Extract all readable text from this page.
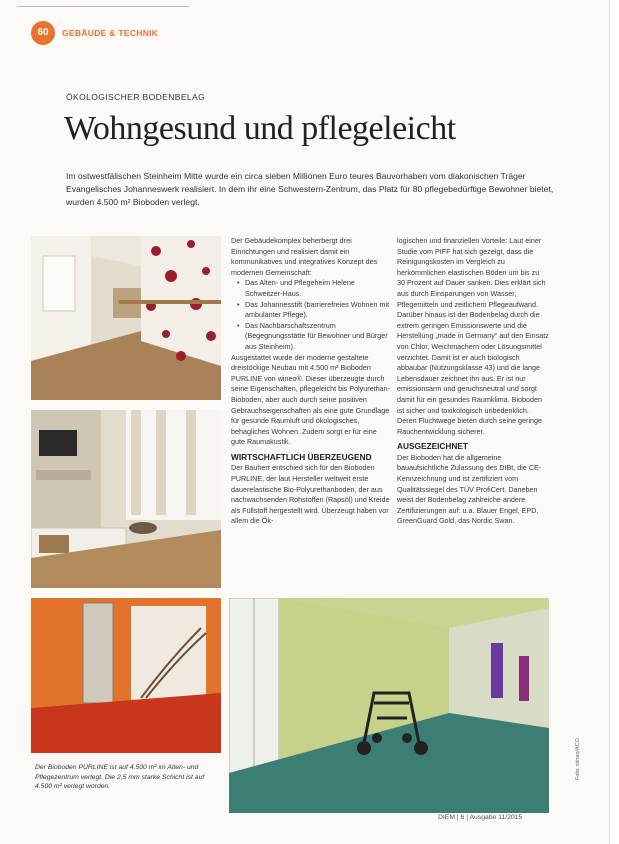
60	GEBÄUDE & TECHNIK
ÖKOLOGISCHER BODENBELAG
Wohngesund und pflegeleicht
Im ostwestfälischen Steinheim Mitte wurde ein circa sieben Millionen Euro teures Bauvorhaben vom diakonischen Träger Evangelisches Johanneswerk realisiert. In dem ihr eine Schwestern-Zentrum, das Platz für 80 pflegebedürftige Bewohner bietet, wurden 4.500 m² Bioboden verlegt.

Der Gebäudekomplex beherbergt drei Einrichtungen und realisiert damit ein kommunikatives und integratives Konzept des modernen Gemeinschaft:

• Das Alten- und Pflegeheim Helene Schweitzer-Haus.
• Das Johannesstift (barrierefreies Wohnen mit ambulanter Pflege).
• Das Nachbarschaftszentrum (Begegnungsstätte für Bewohner und Bürger aus Steinheim).

Ausgestattet wurde der moderne gestaltete dreistöckige Neubau mit 4.500 m² Bioboden PURLINE von wineo®. Dieser überzeugte durch seine Eigenschaften, pflegeleicht bis Polyurethan-Bioboden, aber auch durch seine positiven Gebrauchseigenschaften als eine gute Grundlage für gesunde Raumluft und ökologisches, behagliches Wohnen. Zudem sorgt er für eine gute Raumakustik.

WIRTSCHAFTLICH ÜBERZEUGEND

Der Bauherr entschied sich für den Bioboden PURLINE, der laut Hersteller weltweit erste dauerelastische Bio-Polyurethanboden, der aus nachwachsenden Rohstoffen (Rapsöl) und Kreide als Füllstoff hergestellt wird. Überzeugt haben vor allem die Ök-

logischen und finanziellen Vorteile: Laut einer Studie vom PIFF hat sich gezeigt, dass die Reinigungskosten im Vergleich zu herkömmlichen elastischen Böden um bis zu 30 Prozent auf Dauer sanken. Dies erklärt sich aus durch Einsparungen von Wasser, Pflegemitteln und zeitlichem Pflegeaufwand. Darüber hinaus ist der Bodenbelag durch die extrem geringen Emissionswerte und die Herstellung „made in Germany“ auf den Einsatz von Chlor, Weichmachern oder Lösungsmittel verzichtet. Damit ist er auch biologisch abbaubar (Nutzungsklasse 43) und die lange Lebensdauer zeichnet ihn aus. Er ist nur emissionsarm und geruchsneutral und sorgt damit für ein gesundes Raumklima. Bioboden ist sicher und toxikologisch unbedenklich. Deren Fluchtwege bieten durch seine geringe Rauchentwicklung sicherer.

AUSGEZEICHNET

Der Bioboden hat die allgemeine bauaufsichtliche Zulassung des DIBt, die CE-Kennzeichnung und ist zertifiziert vom Qualitätssiegel des TÜV ProfiCert. Daneben weist der Bodenbelag zahlreiche andere Zertifizierungen auf: u.a. Blauer Engel, EPD, GreenGuard Gold, das Nordic Swan.

Der Bioboden PURLINE ist auf 4.500 m² im Alten- und Pflegezentrum verlegt. Die 2,5 mm starke Schicht ist auf 4.500 m² verlegt worden.
Foto: wineo/ACO
DIEM | 6 | Ausgabe 11/2015
